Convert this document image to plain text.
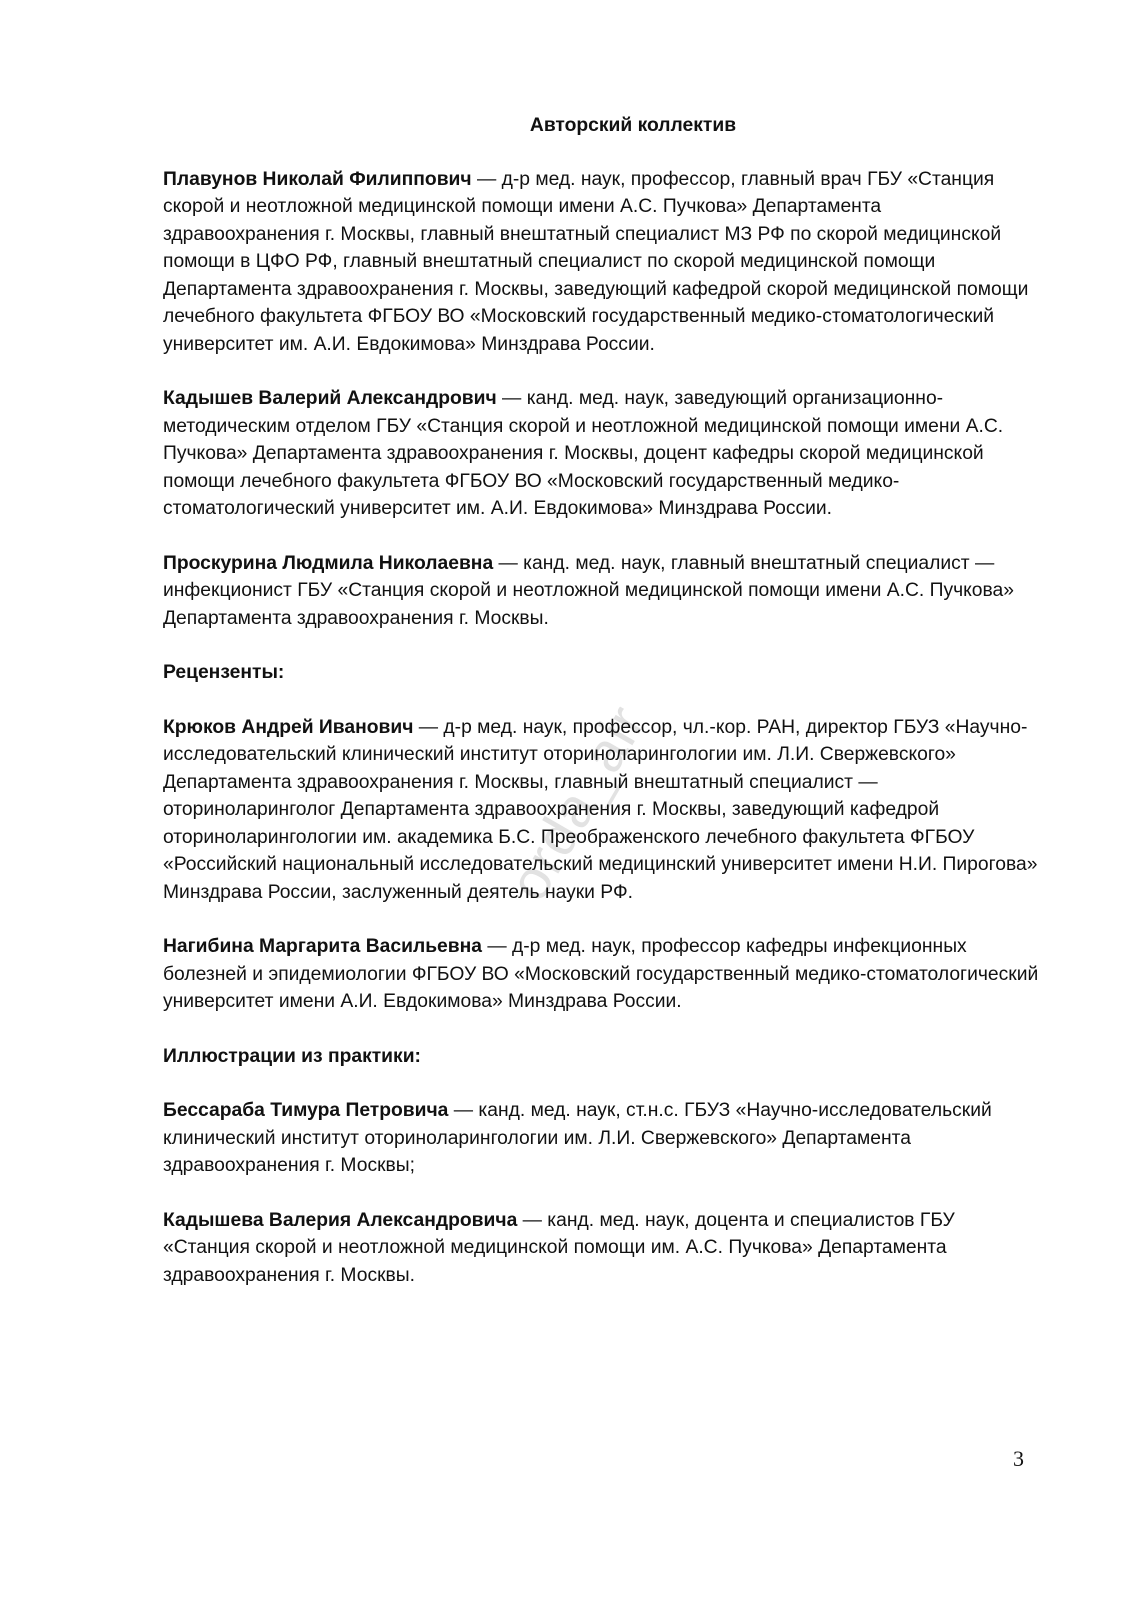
orda_air
Авторский коллектив

Плавунов Николай Филиппович — д-р мед. наук, профессор, главный врач ГБУ «Станция скорой и неотложной медицинской помощи имени А.С. Пучкова» Департамента здравоохранения г. Москвы, главный внештатный специалист МЗ РФ по скорой медицинской помощи в ЦФО РФ, главный внештатный специалист по скорой медицинской помощи Департамента здравоохранения г. Москвы, заведующий кафедрой скорой медицинской помощи лечебного факультета ФГБОУ ВО «Московский государственный медико-стоматологический университет им. А.И. Евдокимова» Минздрава России.

Кадышев Валерий Александрович — канд. мед. наук, заведующий организационно-методическим отделом ГБУ «Станция скорой и неотложной медицинской помощи имени А.С. Пучкова» Департамента здравоохранения г. Москвы, доцент кафедры скорой медицинской помощи лечебного факультета ФГБОУ ВО «Московский государственный медико-стоматологический университет им. А.И. Евдокимова» Минздрава России.

Проскурина Людмила Николаевна — канд. мед. наук, главный внештатный специалист — инфекционист ГБУ «Станция скорой и неотложной медицинской помощи имени А.С. Пучкова» Департамента здравоохранения г. Москвы.

Рецензенты:

Крюков Андрей Иванович — д-р мед. наук, профессор, чл.-кор. РАН, директор ГБУЗ «Научно-исследовательский клинический институт оториноларингологии им. Л.И. Свержевского» Департамента здравоохранения г. Москвы, главный внештатный специалист — оториноларинголог Департамента здравоохранения г. Москвы, заведующий кафедрой оториноларингологии им. академика Б.С. Преображенского лечебного факультета ФГБОУ «Российский национальный исследовательский медицинский университет имени Н.И. Пирогова» Минздрава России, заслуженный деятель науки РФ.

Нагибина Маргарита Васильевна — д-р мед. наук, профессор кафедры инфекционных болезней и эпидемиологии ФГБОУ ВО «Московский государственный медико-стоматологический университет имени А.И. Евдокимова» Минздрава России.

Иллюстрации из практики:

Бессараба Тимура Петровича — канд. мед. наук, ст.н.с. ГБУЗ «Научно-исследовательский клинический институт оториноларингологии им. Л.И. Свержевского» Департамента здравоохранения г. Москвы;

Кадышева Валерия Александровича — канд. мед. наук, доцента и специалистов ГБУ «Станция скорой и неотложной медицинской помощи им. А.С. Пучкова» Департамента здравоохранения г. Москвы.

3
